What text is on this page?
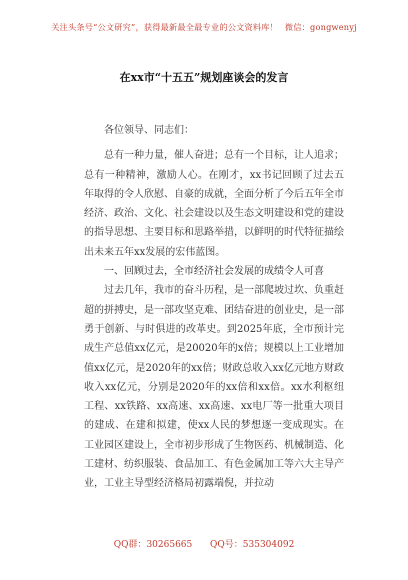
关注头条号“公文研究”，获得最新最全最专业的公文资料库！ 微信：gongwenyj
在xx市“十五五”规划座谈会的发言

各位领导、同志们：

总有一种力量，催人奋进；总有一个目标，让人追求；总有一种精神，激励人心。在刚才，xx书记回顾了过去五年取得的令人欣慰、自豪的成就，全面分析了今后五年全市经济、政治、文化、社会建设以及生态文明建设和党的建设的指导思想、主要目标和思路举措，以鲜明的时代特征描绘出未来五年xx发展的宏伟蓝图。

一、回顾过去，全市经济社会发展的成绩令人可喜

过去几年，我市的奋斗历程，是一部爬坡过坎、负重赶超的拼搏史，是一部攻坚克难、团结奋进的创业史，是一部勇于创新、与时俱进的改革史。到2025年底，全市预计完成生产总值xx亿元，是20020年的x倍；规模以上工业增加值xx亿元，是2020年的xx倍；财政总收入xx亿元地方财政收入xx亿元，分别是2020年的xx倍和xx倍。xx水利枢纽工程、xx铁路、xx高速、xx高速、xx电厂等一批重大项目的建成、在建和拟建，使xx人民的梦想逐一变成现实。在工业园区建设上，全市初步形成了生物医药、机械制造、化工建材、纺织服装、食品加工、有色金属加工等六大主导产业，工业主导型经济格局初露端倪，并拉动

QQ群：30265665 QQ号：535304092
